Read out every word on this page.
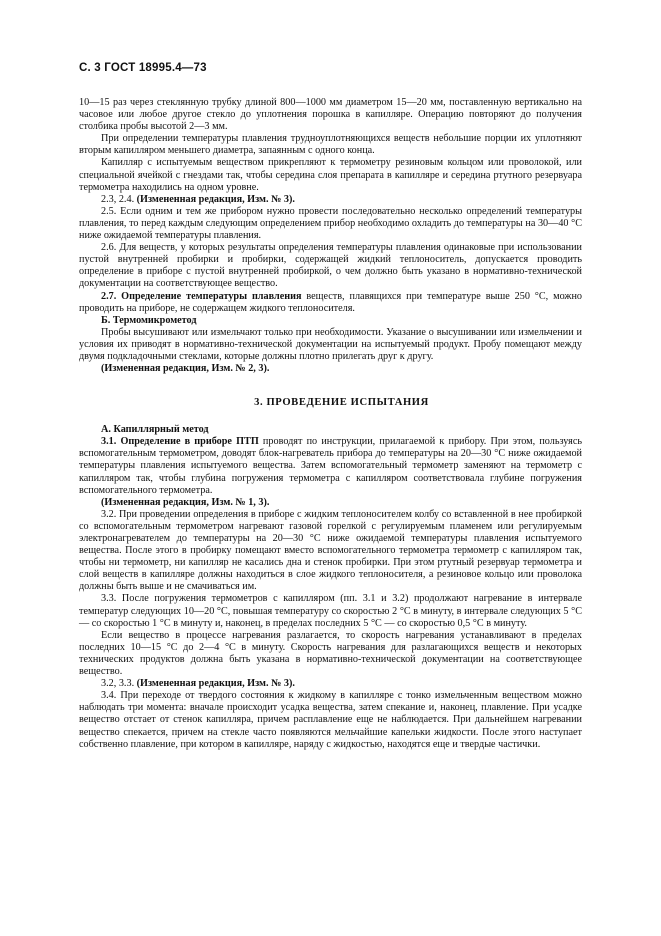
С. 3 ГОСТ 18995.4—73

10—15 раз через стеклянную трубку длиной 800—1000 мм диаметром 15—20 мм, поставленную вертикально на часовое или любое другое стекло до уплотнения порошка в капилляре. Операцию повторяют до получения столбика пробы высотой 2—3 мм.

При определении температуры плавления трудноуплотняющихся веществ небольшие порции их уплотняют вторым капилляром меньшего диаметра, запаянным с одного конца.

Капилляр с испытуемым веществом прикрепляют к термометру резиновым кольцом или проволокой, или специальной ячейкой с гнездами так, чтобы середина слоя препарата в капилляре и середина ртутного резервуара термометра находились на одном уровне.

2.3, 2.4. (Измененная редакция, Изм. № 3).

2.5. Если одним и тем же прибором нужно провести последовательно несколько определений температуры плавления, то перед каждым следующим определением прибор необходимо охладить до температуры на 30—40 °С ниже ожидаемой температуры плавления.

2.6. Для веществ, у которых результаты определения температуры плавления одинаковые при использовании пустой внутренней пробирки и пробирки, содержащей жидкий теплоноситель, допускается проводить определение в приборе с пустой внутренней пробиркой, о чем должно быть указано в нормативно-технической документации на соответствующее вещество.

2.7. Определение температуры плавления веществ, плавящихся при температуре выше 250 °С, можно проводить на приборе, не содержащем жидкого теплоносителя.

Б. Термомикрометод

Пробы высушивают или измельчают только при необходимости. Указание о высушивании или измельчении и условия их приводят в нормативно-технической документации на испытуемый продукт. Пробу помещают между двумя подкладочными стеклами, которые должны плотно прилегать друг к другу.

(Измененная редакция, Изм. № 2, 3).

3. ПРОВЕДЕНИЕ ИСПЫТАНИЯ

А. Капиллярный метод

3.1. Определение в приборе ПТП проводят по инструкции, прилагаемой к прибору. При этом, пользуясь вспомогательным термометром, доводят блок-нагреватель прибора до температуры на 20—30 °С ниже ожидаемой температуры плавления испытуемого вещества. Затем вспомогательный термометр заменяют на термометр с капилляром так, чтобы глубина погружения термометра с капилляром соответствовала глубине погружения вспомогательного термометра.

(Измененная редакция, Изм. № 1, 3).

3.2. При проведении определения в приборе с жидким теплоносителем колбу со вставленной в нее пробиркой со вспомогательным термометром нагревают газовой горелкой с регулируемым пламенем или регулируемым электронагревателем до температуры на 20—30 °С ниже ожидаемой температуры плавления испытуемого вещества. После этого в пробирку помещают вместо вспомогательного термометра термометр с капилляром так, чтобы ни термометр, ни капилляр не касались дна и стенок пробирки. При этом ртутный резервуар термометра и слой веществ в капилляре должны находиться в слое жидкого теплоносителя, а резиновое кольцо или проволока должны быть выше и не смачиваться им.

3.3. После погружения термометров с капилляром (пп. 3.1 и 3.2) продолжают нагревание в интервале температур следующих 10—20 °С, повышая температуру со скоростью 2 °С в минуту, в интервале следующих 5 °С — со скоростью 1 °С в минуту и, наконец, в пределах последних 5 °С — со скоростью 0,5 °С в минуту.

Если вещество в процессе нагревания разлагается, то скорость нагревания устанавливают в пределах последних 10—15 °С до 2—4 °С в минуту. Скорость нагревания для разлагающихся веществ и некоторых технических продуктов должна быть указана в нормативно-технической документации на соответствующее вещество.

3.2, 3.3. (Измененная редакция, Изм. № 3).

3.4. При переходе от твердого состояния к жидкому в капилляре с тонко измельченным веществом можно наблюдать три момента: вначале происходит усадка вещества, затем спекание и, наконец, плавление. При усадке вещество отстает от стенок капилляра, причем расплавление еще не наблюдается. При дальнейшем нагревании вещество спекается, причем на стекле часто появляются мельчайшие капельки жидкости. После этого наступает собственно плавление, при котором в капилляре, наряду с жидкостью, находятся еще и твердые частички.
